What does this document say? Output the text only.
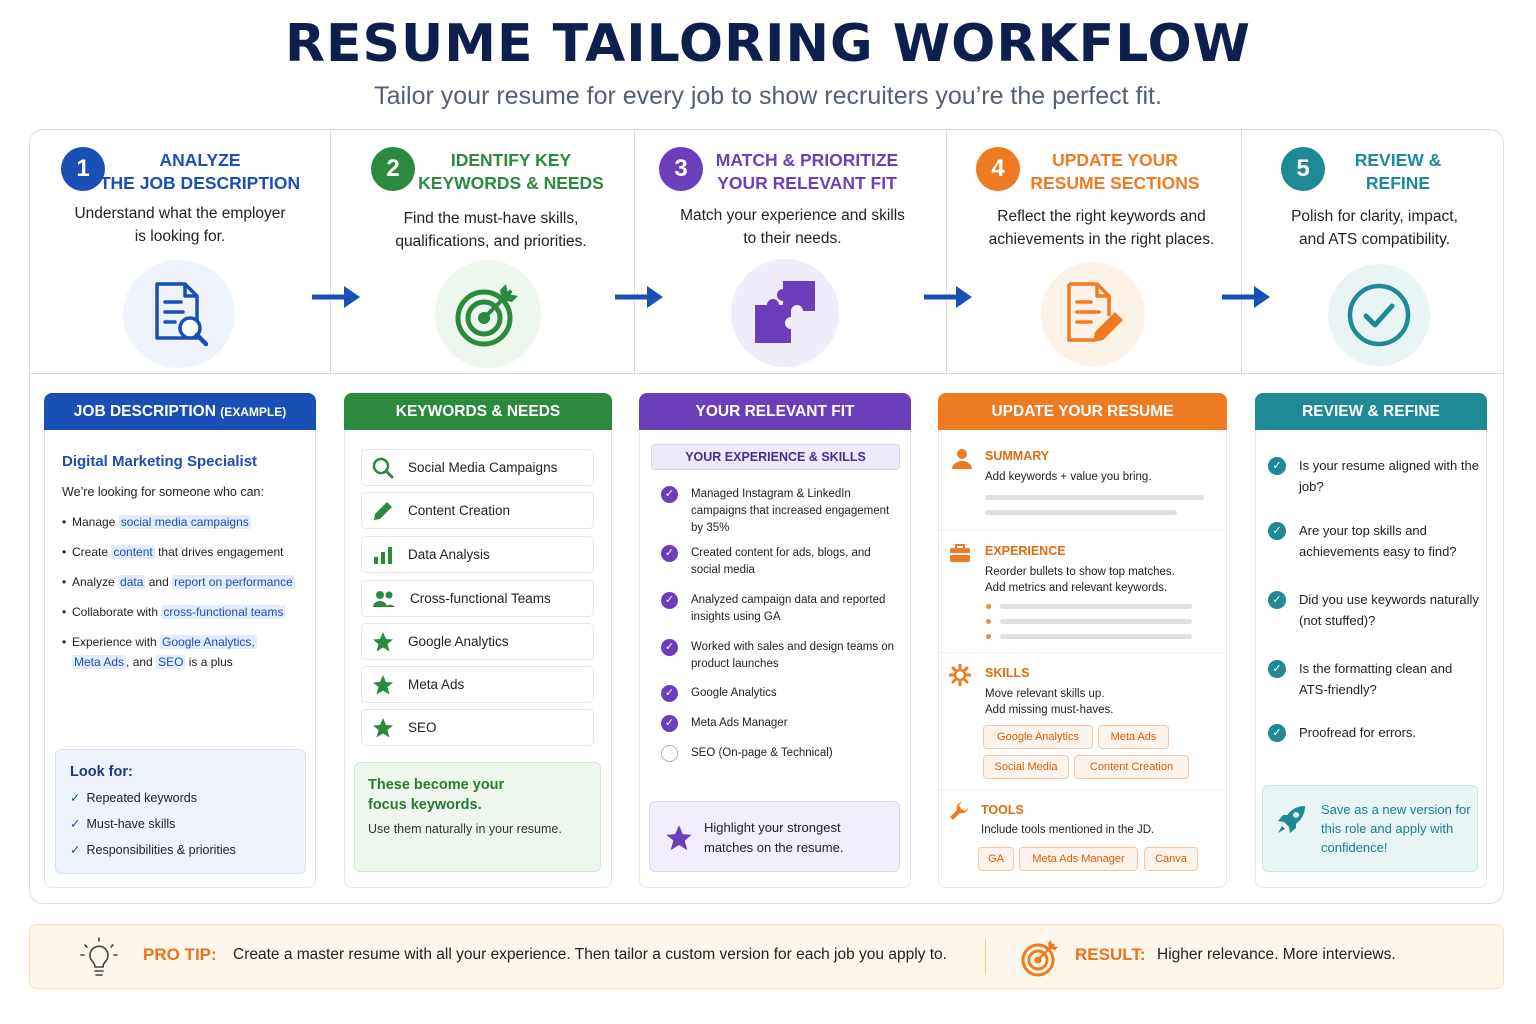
RESUME TAILORING WORKFLOW
Tailor your resume for every job to show recruiters you’re the perfect fit.
1	ANALYZE
THE JOB DESCRIPTION
Understand what the employer
is looking for.
2	IDENTIFY KEY
KEYWORDS & NEEDS
Find the must-have skills,
qualifications, and priorities.
3	MATCH & PRIORITIZE
YOUR RELEVANT FIT
Match your experience and skills
to their needs.
4	UPDATE YOUR
RESUME SECTIONS
Reflect the right keywords and
achievements in the right places.
5	REVIEW &
REFINE
Polish for clarity, impact,
and ATS compatibility.
JOB DESCRIPTION (EXAMPLE)
Digital Marketing Specialist
We’re looking for someone who can:
• Manage social media campaigns
• Create content that drives engagement
• Analyze data and report on performance
• Collaborate with cross-functional teams
• Experience with Google Analytics,
Meta Ads , and SEO is a plus
Look for:
✓ Repeated keywords
✓ Must-have skills
✓ Responsibilities & priorities
KEYWORDS & NEEDS
Social Media Campaigns
Content Creation
Data Analysis
Cross-functional Teams
Google Analytics
Meta Ads
SEO
These become your focus keywords.
Use them naturally in your resume.
YOUR RELEVANT FIT
YOUR EXPERIENCE & SKILLS
✓	Managed Instagram & LinkedIn campaigns that increased engagement by 35%
✓	Created content for ads, blogs, and social media
✓	Analyzed campaign data and reported insights using GA
✓	Worked with sales and design teams on product launches
✓	Google Analytics
✓	Meta Ads Manager
SEO (On-page & Technical)
Highlight your strongest matches on the resume.
UPDATE YOUR RESUME
SUMMARY
Add keywords + value you bring.
EXPERIENCE
Reorder bullets to show top matches.
Add metrics and relevant keywords.
SKILLS
Move relevant skills up.
Add missing must-haves.
Google Analytics	Meta Ads
Social Media	Content Creation
TOOLS
Include tools mentioned in the JD.
GA	Meta Ads Manager	Canva
REVIEW & REFINE
✓	Is your resume aligned with the job?
✓	Are your top skills and achievements easy to find?
✓	Did you use keywords naturally (not stuffed)?
✓	Is the formatting clean and ATS-friendly?
✓	Proofread for errors.
Save as a new version for this role and apply with confidence!
PRO TIP: Create a master resume with all your experience. Then tailor a custom version for each job you apply to.	RESULT: Higher relevance. More interviews.
